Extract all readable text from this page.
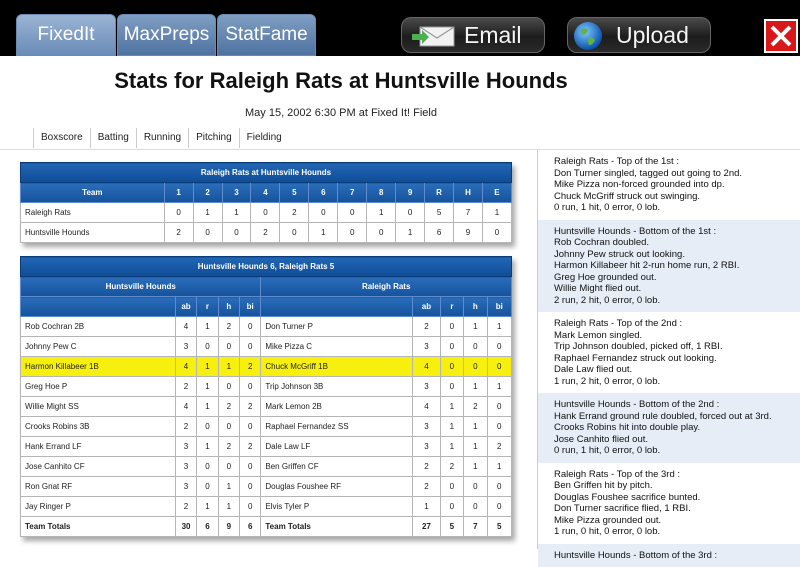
FixedIt	MaxPreps StatFame	Email	Upload
Stats for Raleigh Rats at Huntsville Hounds
May 15, 2002 6:30 PM at Fixed It! Field
Boxscore	Batting	Running	Pitching	Fielding
Raleigh Rats at Huntsville Hounds												
Team	1	2	3	4	5	6	7	8	9	R	H	E
Raleigh Rats	0	1	1	0	2	0	0	1	0	5	7	1
Huntsville Hounds	2	0	0	2	0	1	0	0	1	6	9	0
Huntsville Hounds 6, Raleigh Rats 5									
Huntsville Hounds					Raleigh Rats				
	ab	r	h	bi		ab	r	h	bi
Rob Cochran 2B	4	1	2	0	Don Turner P	2	0	1	1
Johnny Pew C	3	0	0	0	Mike Pizza C	3	0	0	0
Harmon Killabeer 1B	4	1	1	2	Chuck McGriff 1B	4	0	0	0
Greg Hoe P	2	1	0	0	Trip Johnson 3B	3	0	1	1
Willie Might SS	4	1	2	2	Mark Lemon 2B	4	1	2	0
Crooks Robins 3B	2	0	0	0	Raphael Fernandez SS	3	1	1	0
Hank Errand LF	3	1	2	2	Dale Law LF	3	1	1	2
Jose Canhito CF	3	0	0	0	Ben Griffen CF	2	2	1	1
Ron Gnat RF	3	0	1	0	Douglas Foushee RF	2	0	0	0
Jay Ringer P	2	1	1	0	Elvis Tyler P	1	0	0	0
Team Totals	30	6	9	6	Team Totals	27	5	7	5
Raleigh Rats - Top of the 1st :
Don Turner singled, tagged out going to 2nd.
Mike Pizza non-forced grounded into dp.
Chuck McGriff struck out swinging.
0 run, 1 hit, 0 error, 0 lob.
Huntsville Hounds - Bottom of the 1st :
Rob Cochran doubled.
Johnny Pew struck out looking.
Harmon Killabeer hit 2-run home run, 2 RBI.
Greg Hoe grounded out.
Willie Might flied out.
2 run, 2 hit, 0 error, 0 lob.
Raleigh Rats - Top of the 2nd :
Mark Lemon singled.
Trip Johnson doubled, picked off, 1 RBI.
Raphael Fernandez struck out looking.
Dale Law flied out.
1 run, 2 hit, 0 error, 0 lob.
Huntsville Hounds - Bottom of the 2nd :
Hank Errand ground rule doubled, forced out at 3rd.
Crooks Robins hit into double play.
Jose Canhito flied out.
0 run, 1 hit, 0 error, 0 lob.
Raleigh Rats - Top of the 3rd :
Ben Griffen hit by pitch.
Douglas Foushee sacrifice bunted.
Don Turner sacrifice flied, 1 RBI.
Mike Pizza grounded out.
1 run, 0 hit, 0 error, 0 lob.
Huntsville Hounds - Bottom of the 3rd :
